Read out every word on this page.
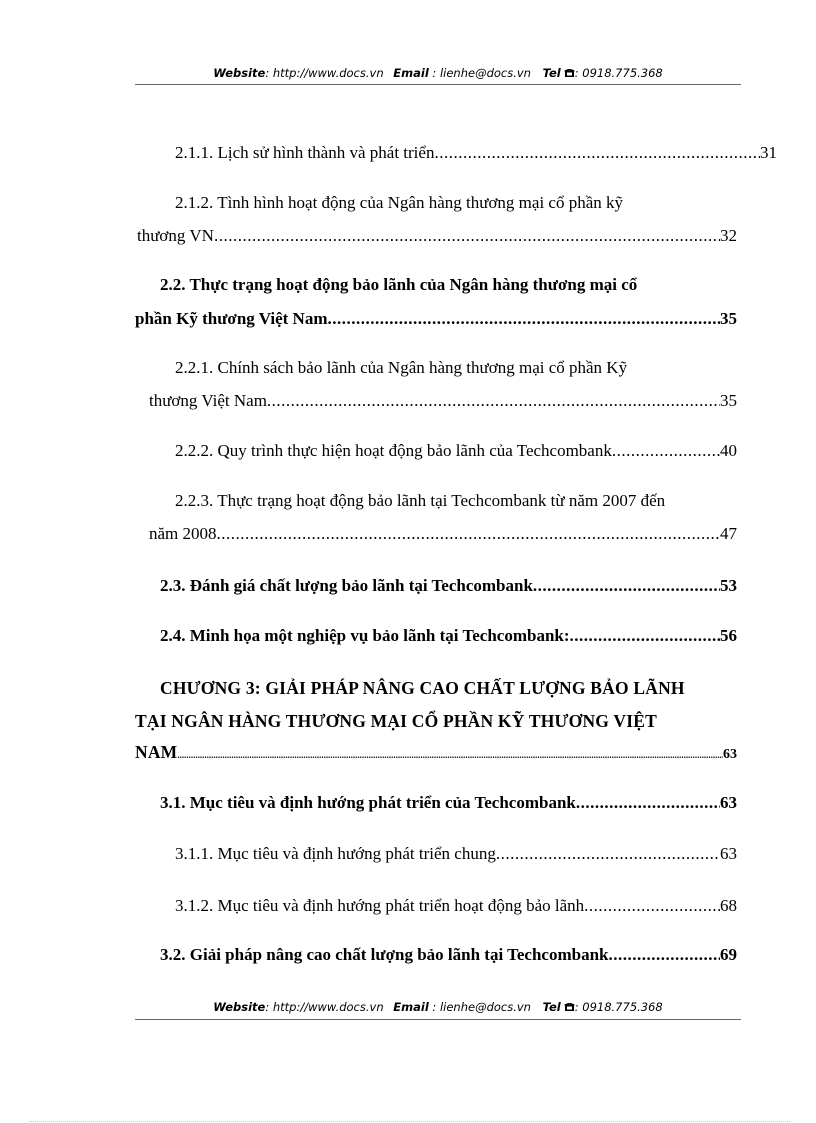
Website: http://www.docs.vn Email : lienhe@docs.vn Tel : 0918.775.368
2.1.1. Lịch sử hình thành và phát triển .....	31
2.1.2. Tình hình hoạt động của Ngân hàng thương mại cổ phần kỹ
thương VN .....	32
2.2. Thực trạng hoạt động bảo lãnh của Ngân hàng thương mại cổ
phần Kỹ thương Việt Nam .....	35
2.2.1. Chính sách bảo lãnh của Ngân hàng thương mại cổ phần Kỹ
thương Việt Nam .....	35
2.2.2. Quy trình thực hiện hoạt động bảo lãnh của Techcombank .....	40
2.2.3. Thực trạng hoạt động bảo lãnh tại Techcombank từ năm 2007 đến
năm 2008 .....	47
2.3. Đánh giá chất lượng bảo lãnh tại Techcombank .....	53
2.4. Minh họa một nghiệp vụ bảo lãnh tại Techcombank: .....	56
CHƯƠNG 3: GIẢI PHÁP NÂNG CAO CHẤT LƯỢNG BẢO LÃNH
TẠI NGÂN HÀNG THƯƠNG MẠI CỔ PHẦN KỸ THƯƠNG VIỆT
NAM .....	63
3.1. Mục tiêu và định hướng phát triển của Techcombank .....	63
3.1.1. Mục tiêu và định hướng phát triển chung .....	63
3.1.2. Mục tiêu và định hướng phát triển hoạt động bảo lãnh .....	68
3.2. Giải pháp nâng cao chất lượng bảo lãnh tại Techcombank .....	69
Website: http://www.docs.vn Email : lienhe@docs.vn Tel : 0918.775.368
